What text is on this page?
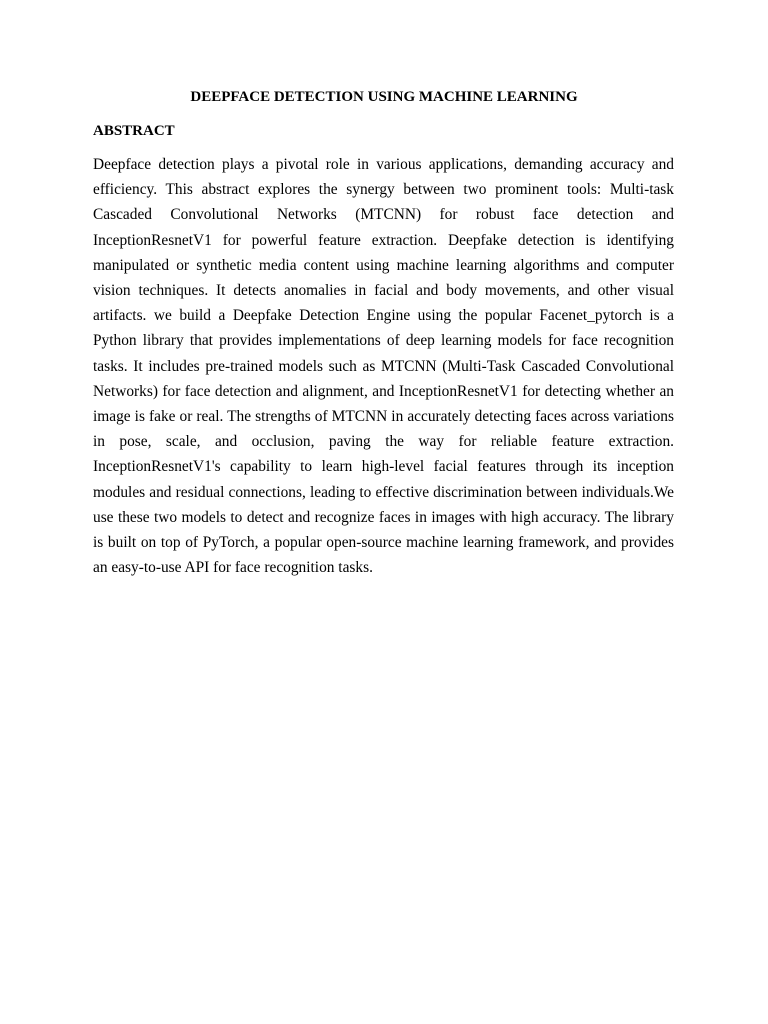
DEEPFACE DETECTION USING MACHINE LEARNING
ABSTRACT

Deepface detection plays a pivotal role in various applications, demanding accuracy and efficiency. This abstract explores the synergy between two prominent tools: Multi-task Cascaded Convolutional Networks (MTCNN) for robust face detection and InceptionResnetV1 for powerful feature extraction. Deepfake detection is identifying manipulated or synthetic media content using machine learning algorithms and computer vision techniques. It detects anomalies in facial and body movements, and other visual artifacts. we build a Deepfake Detection Engine using the popular Facenet_pytorch is a Python library that provides implementations of deep learning models for face recognition tasks. It includes pre-trained models such as MTCNN (Multi-Task Cascaded Convolutional Networks) for face detection and alignment, and InceptionResnetV1 for detecting whether an image is fake or real. The strengths of MTCNN in accurately detecting faces across variations in pose, scale, and occlusion, paving the way for reliable feature extraction. InceptionResnetV1's capability to learn high-level facial features through its inception modules and residual connections, leading to effective discrimination between individuals.We use these two models to detect and recognize faces in images with high accuracy. The library is built on top of PyTorch, a popular open-source machine learning framework, and provides an easy-to-use API for face recognition tasks.
